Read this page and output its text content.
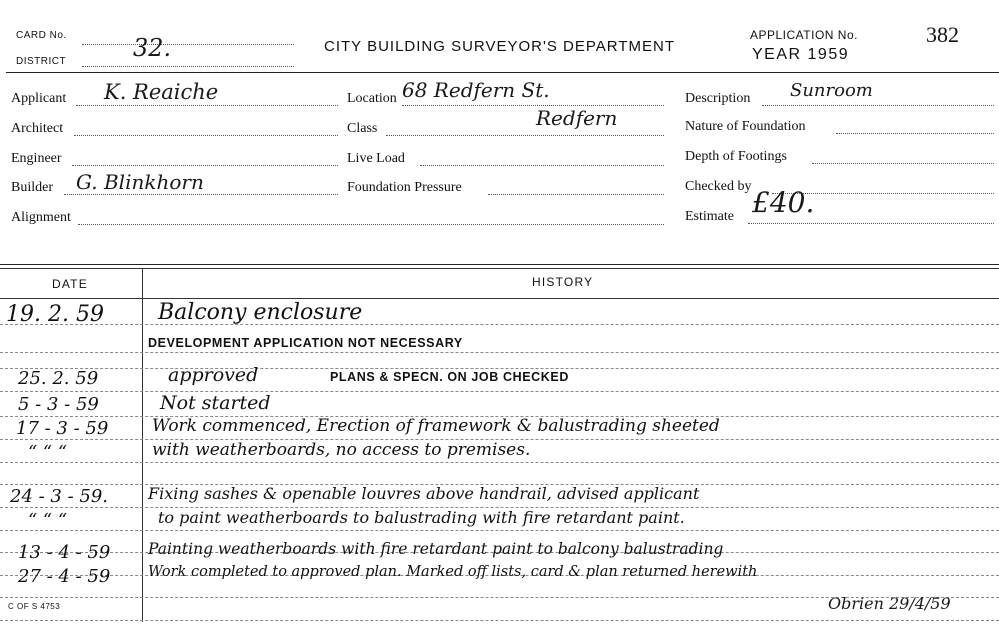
CARD No.
DISTRICT	32.	CITY BUILDING SURVEYOR'S DEPARTMENT
APPLICATION No.	382
YEAR 1959
Applicant K. Reaiche
Architect
Engineer
Builder G. Blinkhorn
Alignment
Location 68 Redfern St.
Class	Redfern
Live Load
Foundation Pressure
Description Sunroom
Nature of Foundation
Depth of Footings
Checked by
Estimate £40.
DATE	HISTORY
19. 2. 59 Balcony enclosure
DEVELOPMENT APPLICATION NOT NECESSARY
25. 2. 59	approved	PLANS & SPECN. ON JOB CHECKED
5 - 3 - 59	Not started
17 - 3 - 59	Work commenced, Erection of framework & balustrading sheeted
“ “ “	with weatherboards, no access to premises.
24 - 3 - 59. Fixing sashes & openable louvres above handrail, advised applicant
“ “ “	to paint weatherboards to balustrading with fire retardant paint.
13 - 4 - 59 Painting weatherboards with fire retardant paint to balcony balustrading
27 - 4 - 59	Work completed to approved plan. Marked off lists, card & plan returned herewith
Obrien 29/4/59
C OF S 4753
